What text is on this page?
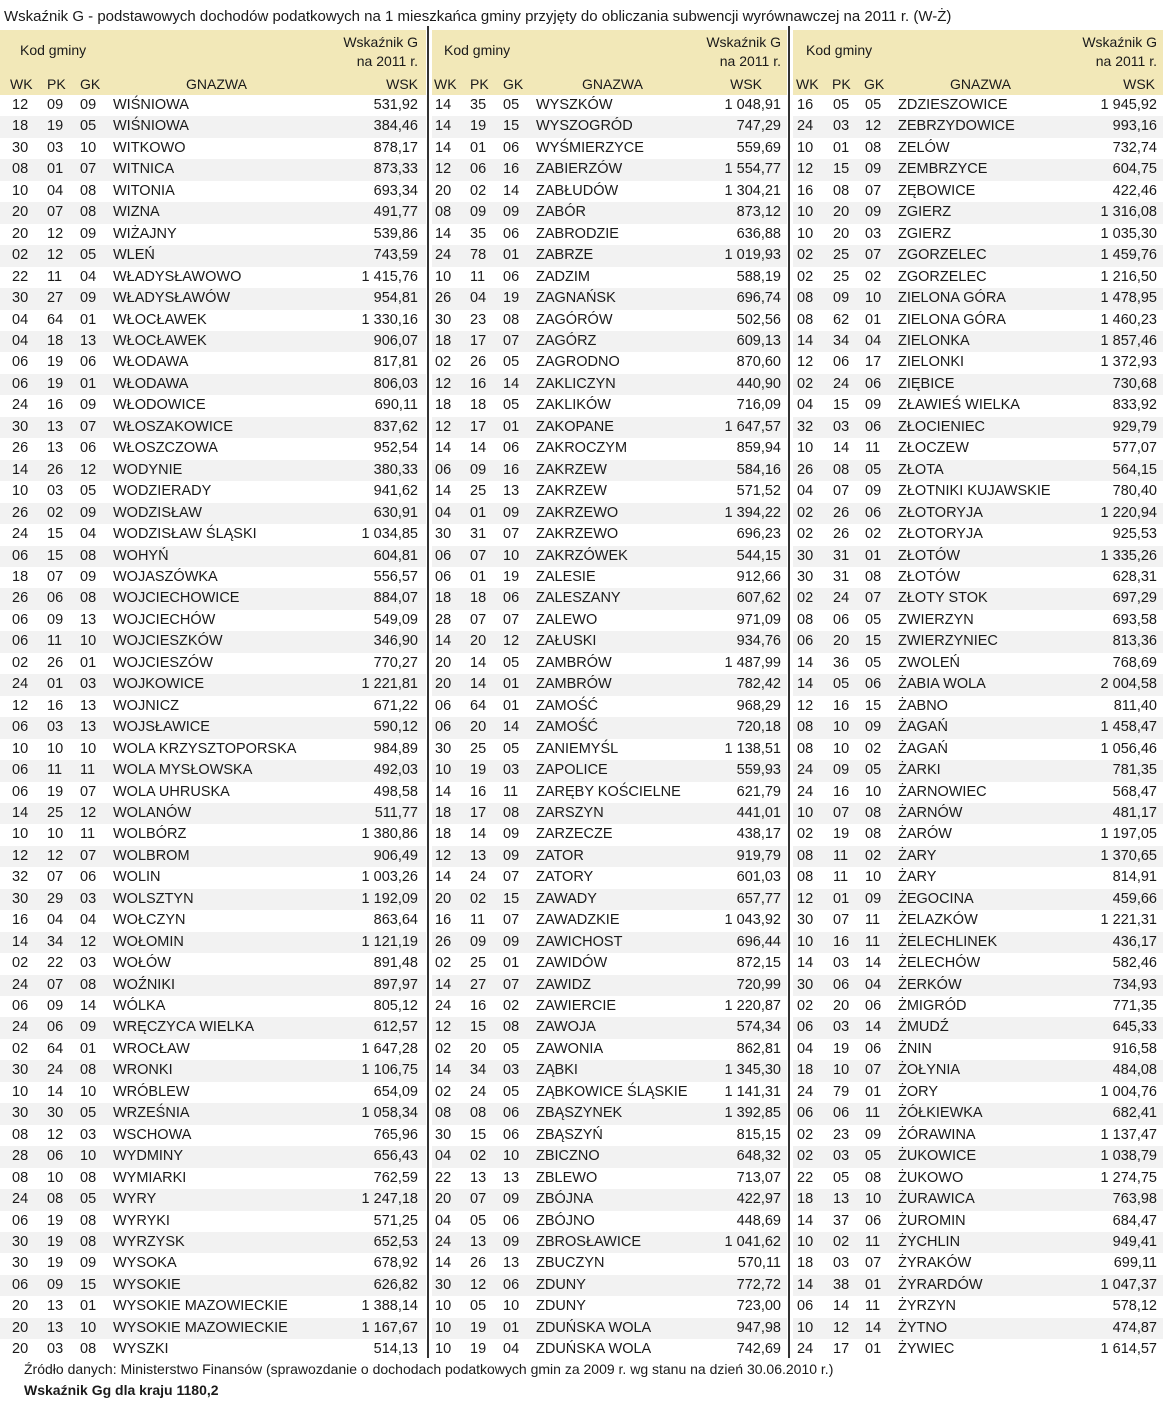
Wskaźnik G - podstawowych dochodów podatkowych na 1 mieszkańca gminy przyjęty do obliczania subwencji wyrównawczej na 2011 r. (W-Ż)
Kod gminy	Wskaźnik G
na 2011 r.
WK PK GK	GNAZWA	WSK
12 09 09 WIŚNIOWA	531,92
18 19 05 WIŚNIOWA	384,46
30 03 10 WITKOWO	878,17
08 01 07 WITNICA	873,33
10 04 08 WITONIA	693,34
20 07 08 WIZNA	491,77
20 12 09 WIŻAJNY	539,86
02 12 05 WLEŃ	743,59
22 11 04 WŁADYSŁAWOWO	1 415,76
30 27 09 WŁADYSŁAWÓW	954,81
04 64 01 WŁOCŁAWEK	1 330,16
04 18 13 WŁOCŁAWEK	906,07
06 19 06 WŁODAWA	817,81
06 19 01 WŁODAWA	806,03
24 16 09 WŁODOWICE	690,11
30 13 07 WŁOSZAKOWICE	837,62
26 13 06 WŁOSZCZOWA	952,54
14 26 12 WODYNIE	380,33
10 03 05 WODZIERADY	941,62
26 02 09 WODZISŁAW	630,91
24 15 04 WODZISŁAW ŚLĄSKI	1 034,85
06 15 08 WOHYŃ	604,81
18 07 09 WOJASZÓWKA	556,57
26 06 08 WOJCIECHOWICE	884,07
06 09 13 WOJCIECHÓW	549,09
06 11 10 WOJCIESZKÓW	346,90
02 26 01 WOJCIESZÓW	770,27
24 01 03 WOJKOWICE	1 221,81
12 16 13 WOJNICZ	671,22
06 03 13 WOJSŁAWICE	590,12
10 10 10 WOLA KRZYSZTOPORSKA	984,89
06 11 11 WOLA MYSŁOWSKA	492,03
06 19 07 WOLA UHRUSKA	498,58
14 25 12 WOLANÓW	511,77
10 10 11 WOLBÓRZ	1 380,86
12 12 07 WOLBROM	906,49
32 07 06 WOLIN	1 003,26
30 29 03 WOLSZTYN	1 192,09
16 04 04 WOŁCZYN	863,64
14 34 12 WOŁOMIN	1 121,19
02 22 03 WOŁÓW	891,48
24 07 08 WOŹNIKI	897,97
06 09 14 WÓLKA	805,12
24 06 09 WRĘCZYCA WIELKA	612,57
02 64 01 WROCŁAW	1 647,28
30 24 08 WRONKI	1 106,75
10 14 10 WRÓBLEW	654,09
30 30 05 WRZEŚNIA	1 058,34
08 12 03 WSCHOWA	765,96
28 06 10 WYDMINY	656,43
08 10 08 WYMIARKI	762,59
24 08 05 WYRY	1 247,18
06 19 08 WYRYKI	571,25
30 19 08 WYRZYSK	652,53
30 19 09 WYSOKA	678,92
06 09 15 WYSOKIE	626,82
20 13 01 WYSOKIE MAZOWIECKIE	1 388,14
20 13 10 WYSOKIE MAZOWIECKIE	1 167,67
20 03 08 WYSZKI	514,13
Kod gminy	Wskaźnik G
na 2011 r.
WK PK GK	GNAZWA	WSK
14 35 05 WYSZKÓW	1 048,91
14 19 15 WYSZOGRÓD	747,29
14 01 06 WYŚMIERZYCE	559,69
12 06 16 ZABIERZÓW	1 554,77
20 02 14 ZABŁUDÓW	1 304,21
08 09 09 ZABÓR	873,12
14 35 06 ZABRODZIE	636,88
24 78 01 ZABRZE	1 019,93
10 11 06 ZADZIM	588,19
26 04 19 ZAGNAŃSK	696,74
30 23 08 ZAGÓRÓW	502,56
18 17 07 ZAGÓRZ	609,13
02 26 05 ZAGRODNO	870,60
12 16 14 ZAKLICZYN	440,90
18 18 05 ZAKLIKÓW	716,09
12 17 01 ZAKOPANE	1 647,57
14 14 06 ZAKROCZYM	859,94
06 09 16 ZAKRZEW	584,16
14 25 13 ZAKRZEW	571,52
04 01 09 ZAKRZEWO	1 394,22
30 31 07 ZAKRZEWO	696,23
06 07 10 ZAKRZÓWEK	544,15
06 01 19 ZALESIE	912,66
18 18 06 ZALESZANY	607,62
28 07 07 ZALEWO	971,09
14 20 12 ZAŁUSKI	934,76
20 14 05 ZAMBRÓW	1 487,99
20 14 01 ZAMBRÓW	782,42
06 64 01 ZAMOŚĆ	968,29
06 20 14 ZAMOŚĆ	720,18
30 25 05 ZANIEMYŚL	1 138,51
10 19 03 ZAPOLICE	559,93
14 16 11 ZARĘBY KOŚCIELNE	621,79
18 17 08 ZARSZYN	441,01
18 14 09 ZARZECZE	438,17
12 13 09 ZATOR	919,79
14 24 07 ZATORY	601,03
20 02 15 ZAWADY	657,77
16 11 07 ZAWADZKIE	1 043,92
26 09 09 ZAWICHOST	696,44
02 25 01 ZAWIDÓW	872,15
14 27 07 ZAWIDZ	720,99
24 16 02 ZAWIERCIE	1 220,87
12 15 08 ZAWOJA	574,34
02 20 05 ZAWONIA	862,81
14 34 03 ZĄBKI	1 345,30
02 24 05 ZĄBKOWICE ŚLĄSKIE	1 141,31
08 08 06 ZBĄSZYNEK	1 392,85
30 15 06 ZBĄSZYŃ	815,15
04 02 10 ZBICZNO	648,32
22 13 13 ZBLEWO	713,07
20 07 09 ZBÓJNA	422,97
04 05 06 ZBÓJNO	448,69
24 13 09 ZBROSŁAWICE	1 041,62
14 26 13 ZBUCZYN	570,11
30 12 06 ZDUNY	772,72
10 05 10 ZDUNY	723,00
10 19 01 ZDUŃSKA WOLA	947,98
10 19 04 ZDUŃSKA WOLA	742,69
Kod gminy	Wskaźnik G
na 2011 r.
WK PK GK	GNAZWA	WSK
16 05 05 ZDZIESZOWICE	1 945,92
24 03 12 ZEBRZYDOWICE	993,16
10 01 08 ZELÓW	732,74
12 15 09 ZEMBRZYCE	604,75
16 08 07 ZĘBOWICE	422,46
10 20 09 ZGIERZ	1 316,08
10 20 03 ZGIERZ	1 035,30
02 25 07 ZGORZELEC	1 459,76
02 25 02 ZGORZELEC	1 216,50
08 09 10 ZIELONA GÓRA	1 478,95
08 62 01 ZIELONA GÓRA	1 460,23
14 34 04 ZIELONKA	1 857,46
12 06 17 ZIELONKI	1 372,93
02 24 06 ZIĘBICE	730,68
04 15 09 ZŁAWIEŚ WIELKA	833,92
32 03 06 ZŁOCIENIEC	929,79
10 14 11 ZŁOCZEW	577,07
26 08 05 ZŁOTA	564,15
04 07 09 ZŁOTNIKI KUJAWSKIE	780,40
02 26 06 ZŁOTORYJA	1 220,94
02 26 02 ZŁOTORYJA	925,53
30 31 01 ZŁOTÓW	1 335,26
30 31 08 ZŁOTÓW	628,31
02 24 07 ZŁOTY STOK	697,29
08 06 05 ZWIERZYN	693,58
06 20 15 ZWIERZYNIEC	813,36
14 36 05 ZWOLEŃ	768,69
14 05 06 ŻABIA WOLA	2 004,58
12 16 15 ŻABNO	811,40
08 10 09 ŻAGAŃ	1 458,47
08 10 02 ŻAGAŃ	1 056,46
24 09 05 ŻARKI	781,35
24 16 10 ŻARNOWIEC	568,47
10 07 08 ŻARNÓW	481,17
02 19 08 ŻARÓW	1 197,05
08 11 02 ŻARY	1 370,65
08 11 10 ŻARY	814,91
12 01 09 ŻEGOCINA	459,66
30 07 11 ŻELAZKÓW	1 221,31
10 16 11 ŻELECHLINEK	436,17
14 03 14 ŻELECHÓW	582,46
30 06 04 ŻERKÓW	734,93
02 20 06 ŻMIGRÓD	771,35
06 03 14 ŻMUDŹ	645,33
04 19 06 ŻNIN	916,58
18 10 07 ŻOŁYNIA	484,08
24 79 01 ŻORY	1 004,76
06 06 11 ŻÓŁKIEWKA	682,41
02 23 09 ŻÓRAWINA	1 137,47
02 03 05 ŻUKOWICE	1 038,79
22 05 08 ŻUKOWO	1 274,75
18 13 10 ŻURAWICA	763,98
14 37 06 ŻUROMIN	684,47
10 02 11 ŻYCHLIN	949,41
18 03 07 ŻYRAKÓW	699,11
14 38 01 ŻYRARDÓW	1 047,37
06 14 11 ŻYRZYN	578,12
10 12 14 ŻYTNO	474,87
24 17 01 ŻYWIEC	1 614,57
Źródło danych: Ministerstwo Finansów (sprawozdanie o dochodach podatkowych gmin za 2009 r. wg stanu na dzień 30.06.2010 r.)
Wskaźnik Gg dla kraju 1180,2
